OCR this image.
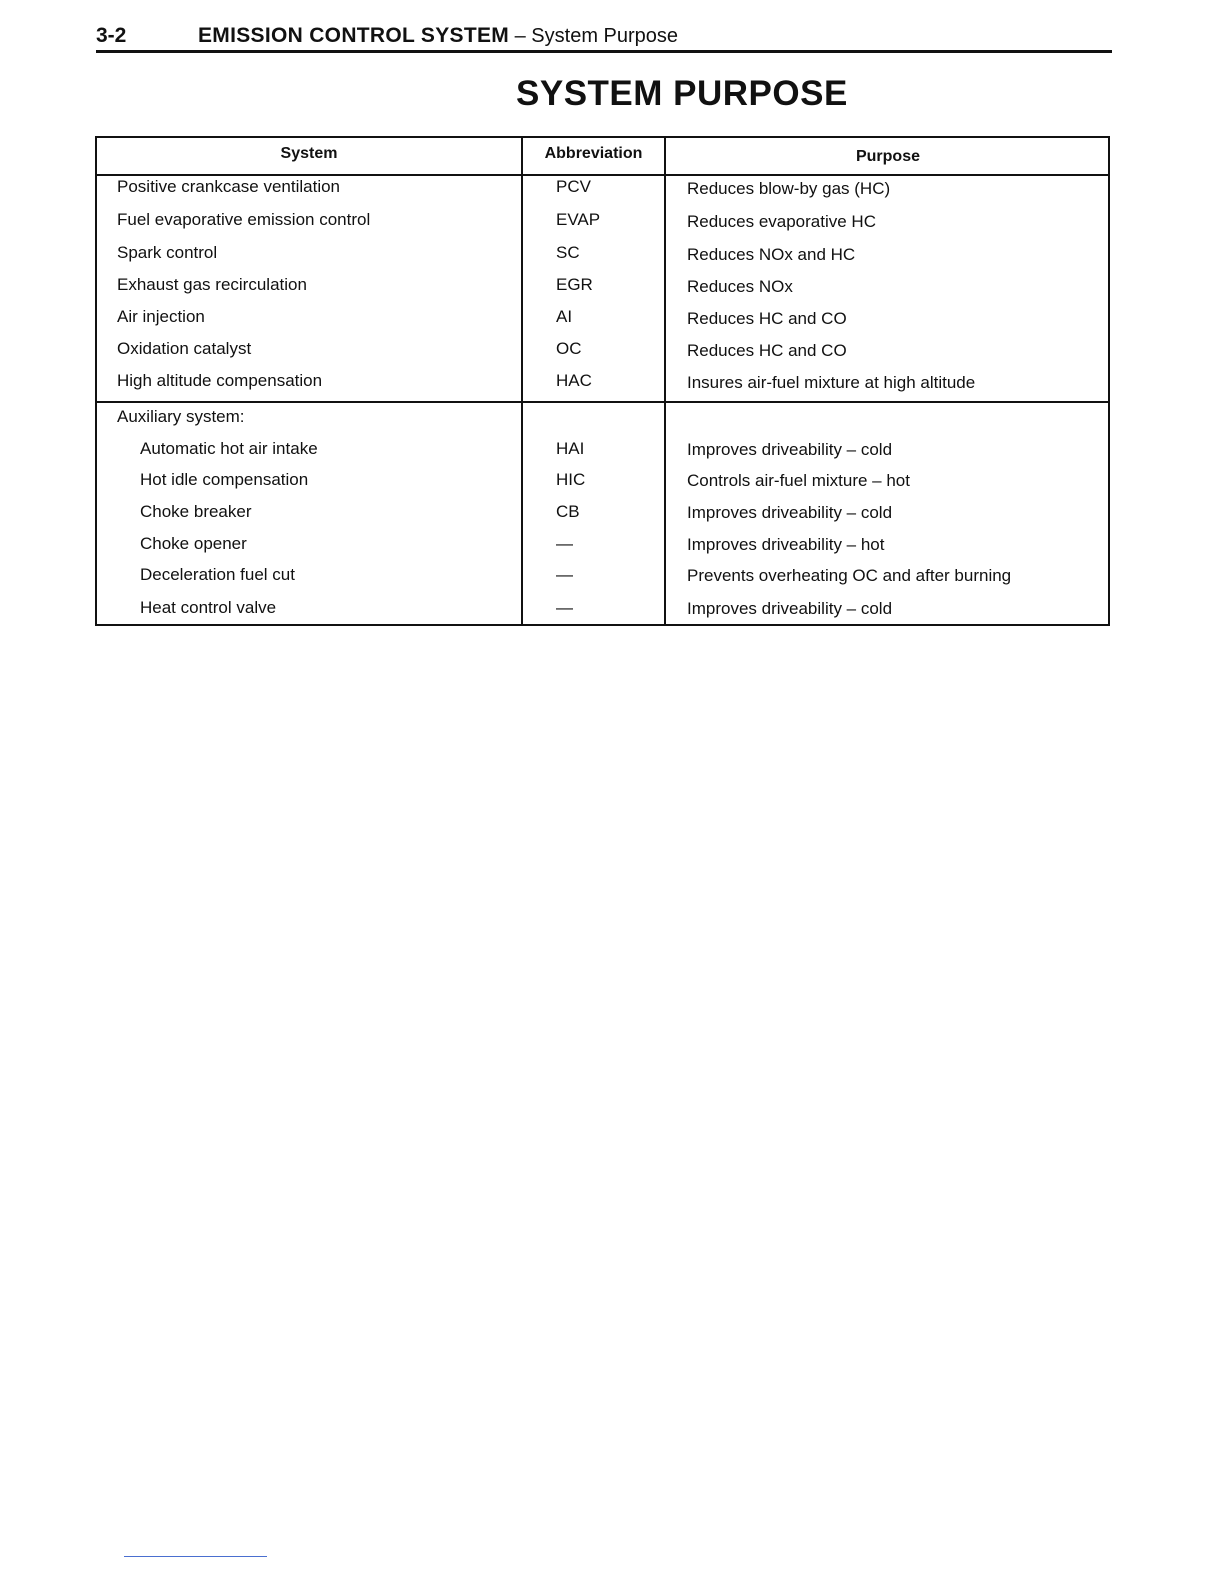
3-2	EMISSION CONTROL SYSTEM – System Purpose
SYSTEM PURPOSE
System	Abbreviation	Purpose
Positive crankcase ventilation	PCV	Reduces blow-by gas (HC)
Fuel evaporative emission control	EVAP	Reduces evaporative HC
Spark control	SC	Reduces NOx and HC
Exhaust gas recirculation	EGR	Reduces NOx
Air injection	AI	Reduces HC and CO
Oxidation catalyst	OC	Reduces HC and CO
High altitude compensation	HAC	Insures air-fuel mixture at high altitude
Auxiliary system:
Automatic hot air intake	HAI	Improves driveability – cold
Hot idle compensation	HIC	Controls air-fuel mixture – hot
Choke breaker	CB	Improves driveability – cold
Choke opener	—	Improves driveability – hot
Deceleration fuel cut	—	Prevents overheating OC and after burning
Heat control valve	—	Improves driveability – cold
